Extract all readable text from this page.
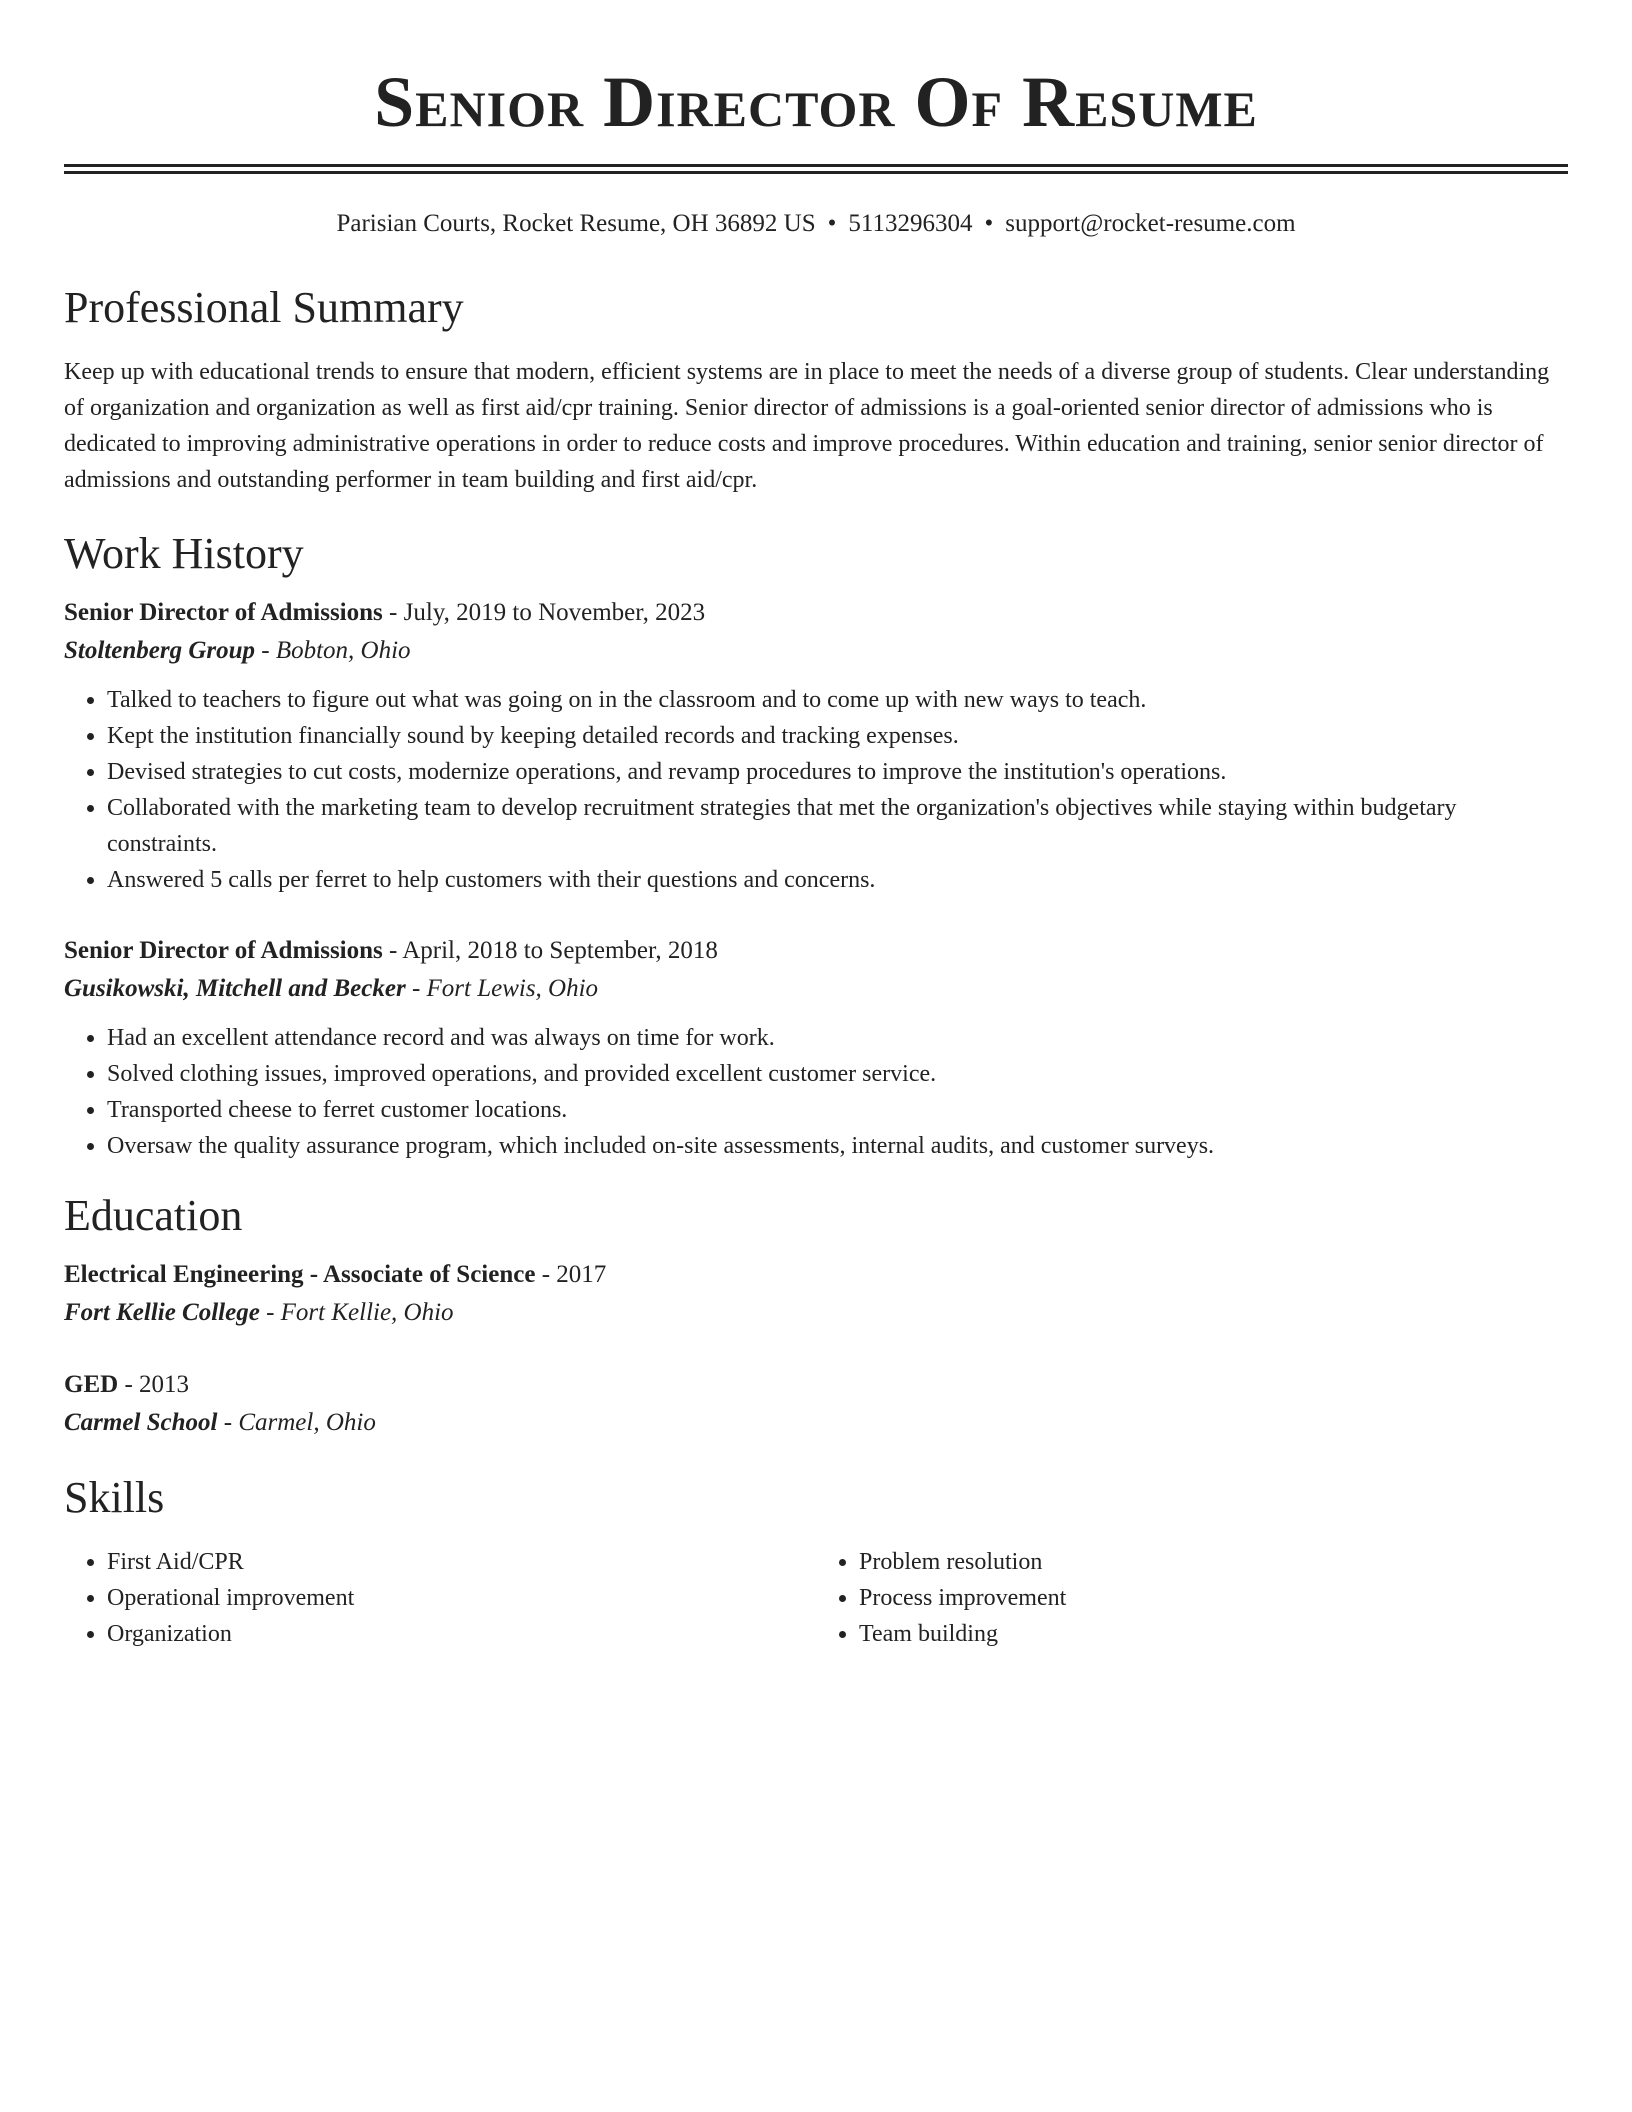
Senior Director Of Resume
Parisian Courts, Rocket Resume, OH 36892 US • 5113296304 • support@rocket-resume.com
Professional Summary

Keep up with educational trends to ensure that modern, efficient systems are in place to meet the needs of a diverse group of students. Clear understanding of organization and organization as well as first aid/cpr training. Senior director of admissions is a goal-oriented senior director of admissions who is dedicated to improving administrative operations in order to reduce costs and improve procedures. Within education and training, senior senior director of admissions and outstanding performer in team building and first aid/cpr.

Work History
Senior Director of Admissions - July, 2019 to November, 2023
Stoltenberg Group - Bobton, Ohio
• Talked to teachers to figure out what was going on in the classroom and to come up with new ways to teach.
• Kept the institution financially sound by keeping detailed records and tracking expenses.
• Devised strategies to cut costs, modernize operations, and revamp procedures to improve the institution's operations.
• Collaborated with the marketing team to develop recruitment strategies that met the organization's objectives while staying within budgetary constraints.
• Answered 5 calls per ferret to help customers with their questions and concerns.
Senior Director of Admissions - April, 2018 to September, 2018
Gusikowski, Mitchell and Becker - Fort Lewis, Ohio
• Had an excellent attendance record and was always on time for work.
• Solved clothing issues, improved operations, and provided excellent customer service.
• Transported cheese to ferret customer locations.
• Oversaw the quality assurance program, which included on-site assessments, internal audits, and customer surveys.
Education
Electrical Engineering - Associate of Science - 2017
Fort Kellie College - Fort Kellie, Ohio
GED - 2013
Carmel School - Carmel, Ohio
Skills
• First Aid/CPR
• Operational improvement
• Organization
• Problem resolution
• Process improvement
• Team building
